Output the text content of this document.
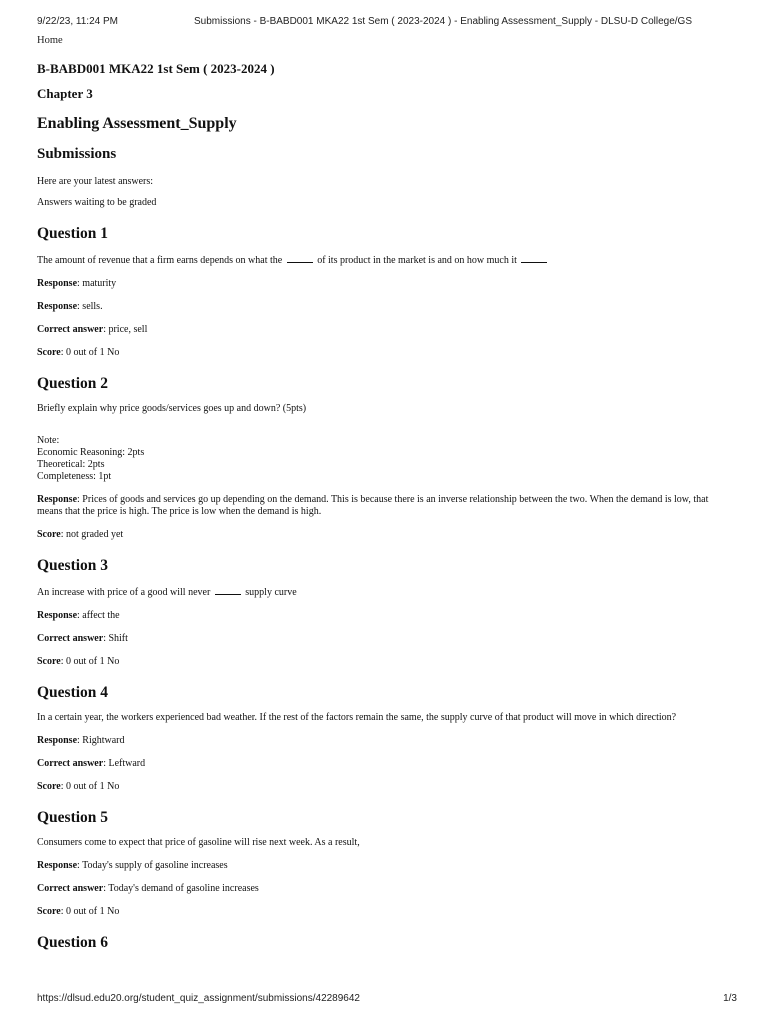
9/22/23, 11:24 PM	Submissions - B-BABD001 MKA22 1st Sem ( 2023-2024 ) - Enabling Assessment_Supply - DLSU-D College/GS
Home
B-BABD001 MKA22 1st Sem ( 2023-2024 )
Chapter 3
Enabling Assessment_Supply
Submissions
Here are your latest answers:
Answers waiting to be graded
Question 1
The amount of revenue that a firm earns depends on what the	of its product in the market is and on how much it
Response: maturity
Response: sells.
Correct answer: price, sell
Score: 0 out of 1 No
Question 2
Briefly explain why price goods/services goes up and down? (5pts)
Note:
Economic Reasoning: 2pts
Theoretical: 2pts
Completeness: 1pt
Response: Prices of goods and services go up depending on the demand. This is because there is an inverse relationship between the two. When the demand is low, that means that the price is high. The price is low when the demand is high.
Score: not graded yet
Question 3
An increase with price of a good will never	supply curve
Response: affect the
Correct answer: Shift
Score: 0 out of 1 No
Question 4
In a certain year, the workers experienced bad weather. If the rest of the factors remain the same, the supply curve of that product will move in which direction?
Response: Rightward
Correct answer: Leftward
Score: 0 out of 1 No
Question 5
Consumers come to expect that price of gasoline will rise next week. As a result,
Response: Today's supply of gasoline increases
Correct answer: Today's demand of gasoline increases
Score: 0 out of 1 No
Question 6
https://dlsud.edu20.org/student_quiz_assignment/submissions/42289642	1/3
